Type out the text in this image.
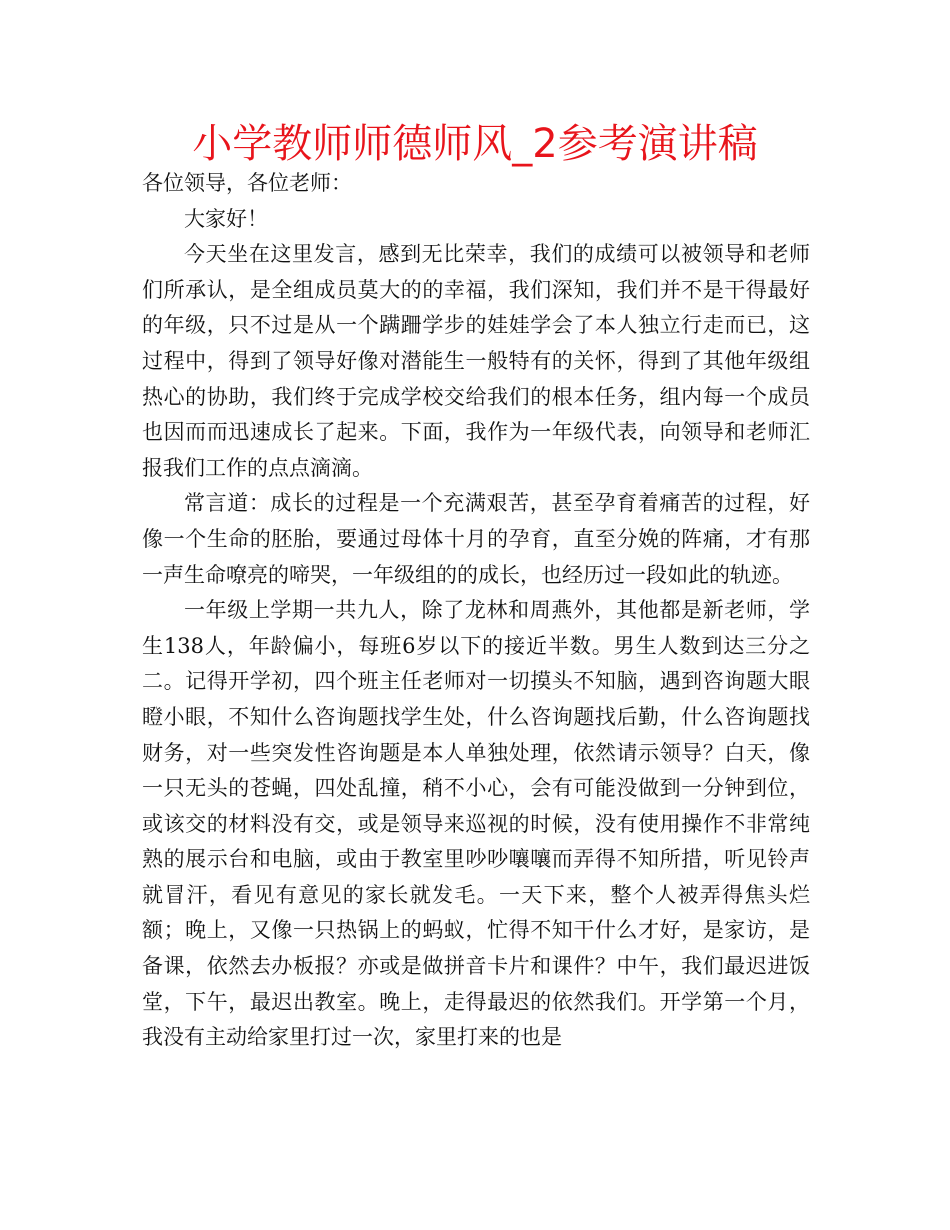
小学教师师德师风_2参考演讲稿

各位领导，各位老师：

大家好！

今天坐在这里发言，感到无比荣幸，我们的成绩可以被领导和老师们所承认，是全组成员莫大的的幸福，我们深知，我们并不是干得最好的年级，只不过是从一个蹒跚学步的娃娃学会了本人独立行走而已，这过程中，得到了领导好像对潜能生一般特有的关怀，得到了其他年级组热心的协助，我们终于完成学校交给我们的根本任务，组内每一个成员也因而而迅速成长了起来。下面，我作为一年级代表，向领导和老师汇报我们工作的点点滴滴。

常言道：成长的过程是一个充满艰苦，甚至孕育着痛苦的过程，好像一个生命的胚胎，要通过母体十月的孕育，直至分娩的阵痛，才有那一声生命嘹亮的啼哭，一年级组的的成长，也经历过一段如此的轨迹。

一年级上学期一共九人，除了龙林和周燕外，其他都是新老师，学生138人，年龄偏小，每班6岁以下的接近半数。男生人数到达三分之二。记得开学初，四个班主任老师对一切摸头不知脑，遇到咨询题大眼瞪小眼，不知什么咨询题找学生处，什么咨询题找后勤，什么咨询题找财务，对一些突发性咨询题是本人单独处理，依然请示领导？白天，像一只无头的苍蝇，四处乱撞，稍不小心，会有可能没做到一分钟到位，或该交的材料没有交，或是领导来巡视的时候，没有使用操作不非常纯熟的展示台和电脑，或由于教室里吵吵嚷嚷而弄得不知所措，听见铃声就冒汗，看见有意见的家长就发毛。一天下来，整个人被弄得焦头烂额；晚上，又像一只热锅上的蚂蚁，忙得不知干什么才好，是家访，是备课，依然去办板报？亦或是做拼音卡片和课件？中午，我们最迟进饭堂，下午，最迟出教室。晚上，走得最迟的依然我们。开学第一个月，我没有主动给家里打过一次，家里打来的也是
